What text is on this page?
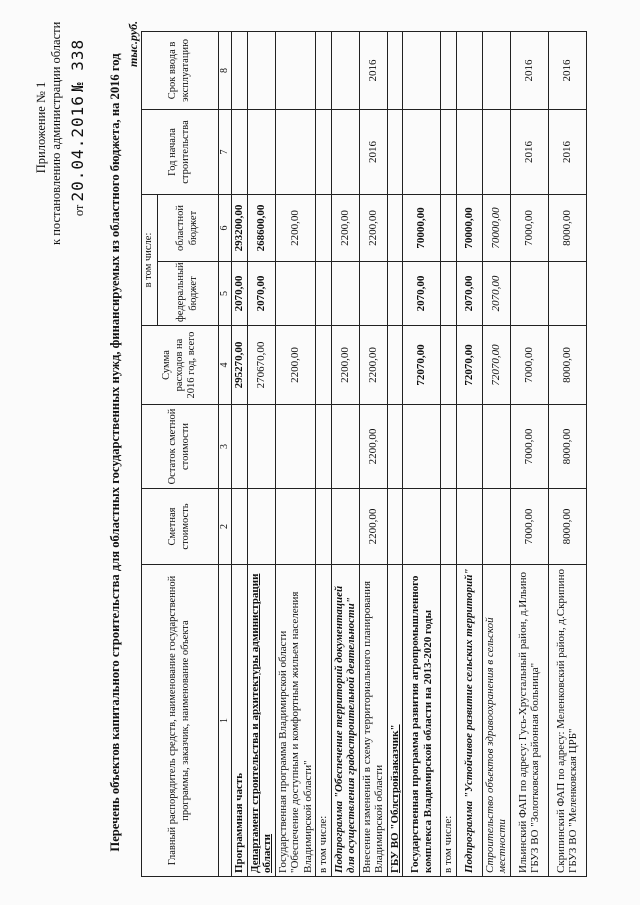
Приложение № 1 к постановлению администрации области от 20.04.2016 № 338 Перечень объектов капитального строительства для областных государственных нужд, финансируемых из областного бюджета, на 2016 год
тыс.руб.
Главный распорядитель средств, наименование государственной программы, заказчик, наименование объекта	Сметная стоимость	Остаток сметной стоимости	Сумма расходов на 2016 год, всего	в том числе:		Год начала строительства	Срок ввода в эксплуатацию
				федеральный бюджет	областной бюджет		
1	2	3	4	5	6	7	8
Программная часть			295270,00	2070,00	293200,00		
Департамент строительства и архитектуры администрации области			270670,00	2070,00	268600,00		
Государственная программа Владимирской области "Обеспечение доступным и комфортным жильем населения Владимирской области"			2200,00		2200,00		
в том числе:							
Подпрограмма "Обеспечение территорий документацией для осуществления градостроительной деятельности"			2200,00		2200,00		
Внесение изменений в схему территориального планирования Владимирской области	2200,00	2200,00	2200,00		2200,00	2016	2016
ГБУ ВО "Облстройзаказчик"							
Государственная программа развития агропромышленного комплекса Владимирской области на 2013-2020 годы			72070,00	2070,00	70000,00		
в том числе:							
Подпрограмма "Устойчивое развитие сельских территорий"			72070,00	2070,00	70000,00		
Строительство объектов здравоохранения в сельской местности			72070,00	2070,00	70000,00		
Ильинский ФАП по адресу: Гусь-Хрустальный район, д.Ильино ГБУЗ ВО "Золотковская районная больница"	7000,00	7000,00	7000,00		7000,00	2016	2016
Скрипинский ФАП по адресу: Меленковский район, д.Скрипино ГБУЗ ВО "Меленковская ЦРБ"	8000,00	8000,00	8000,00		8000,00	2016	2016
